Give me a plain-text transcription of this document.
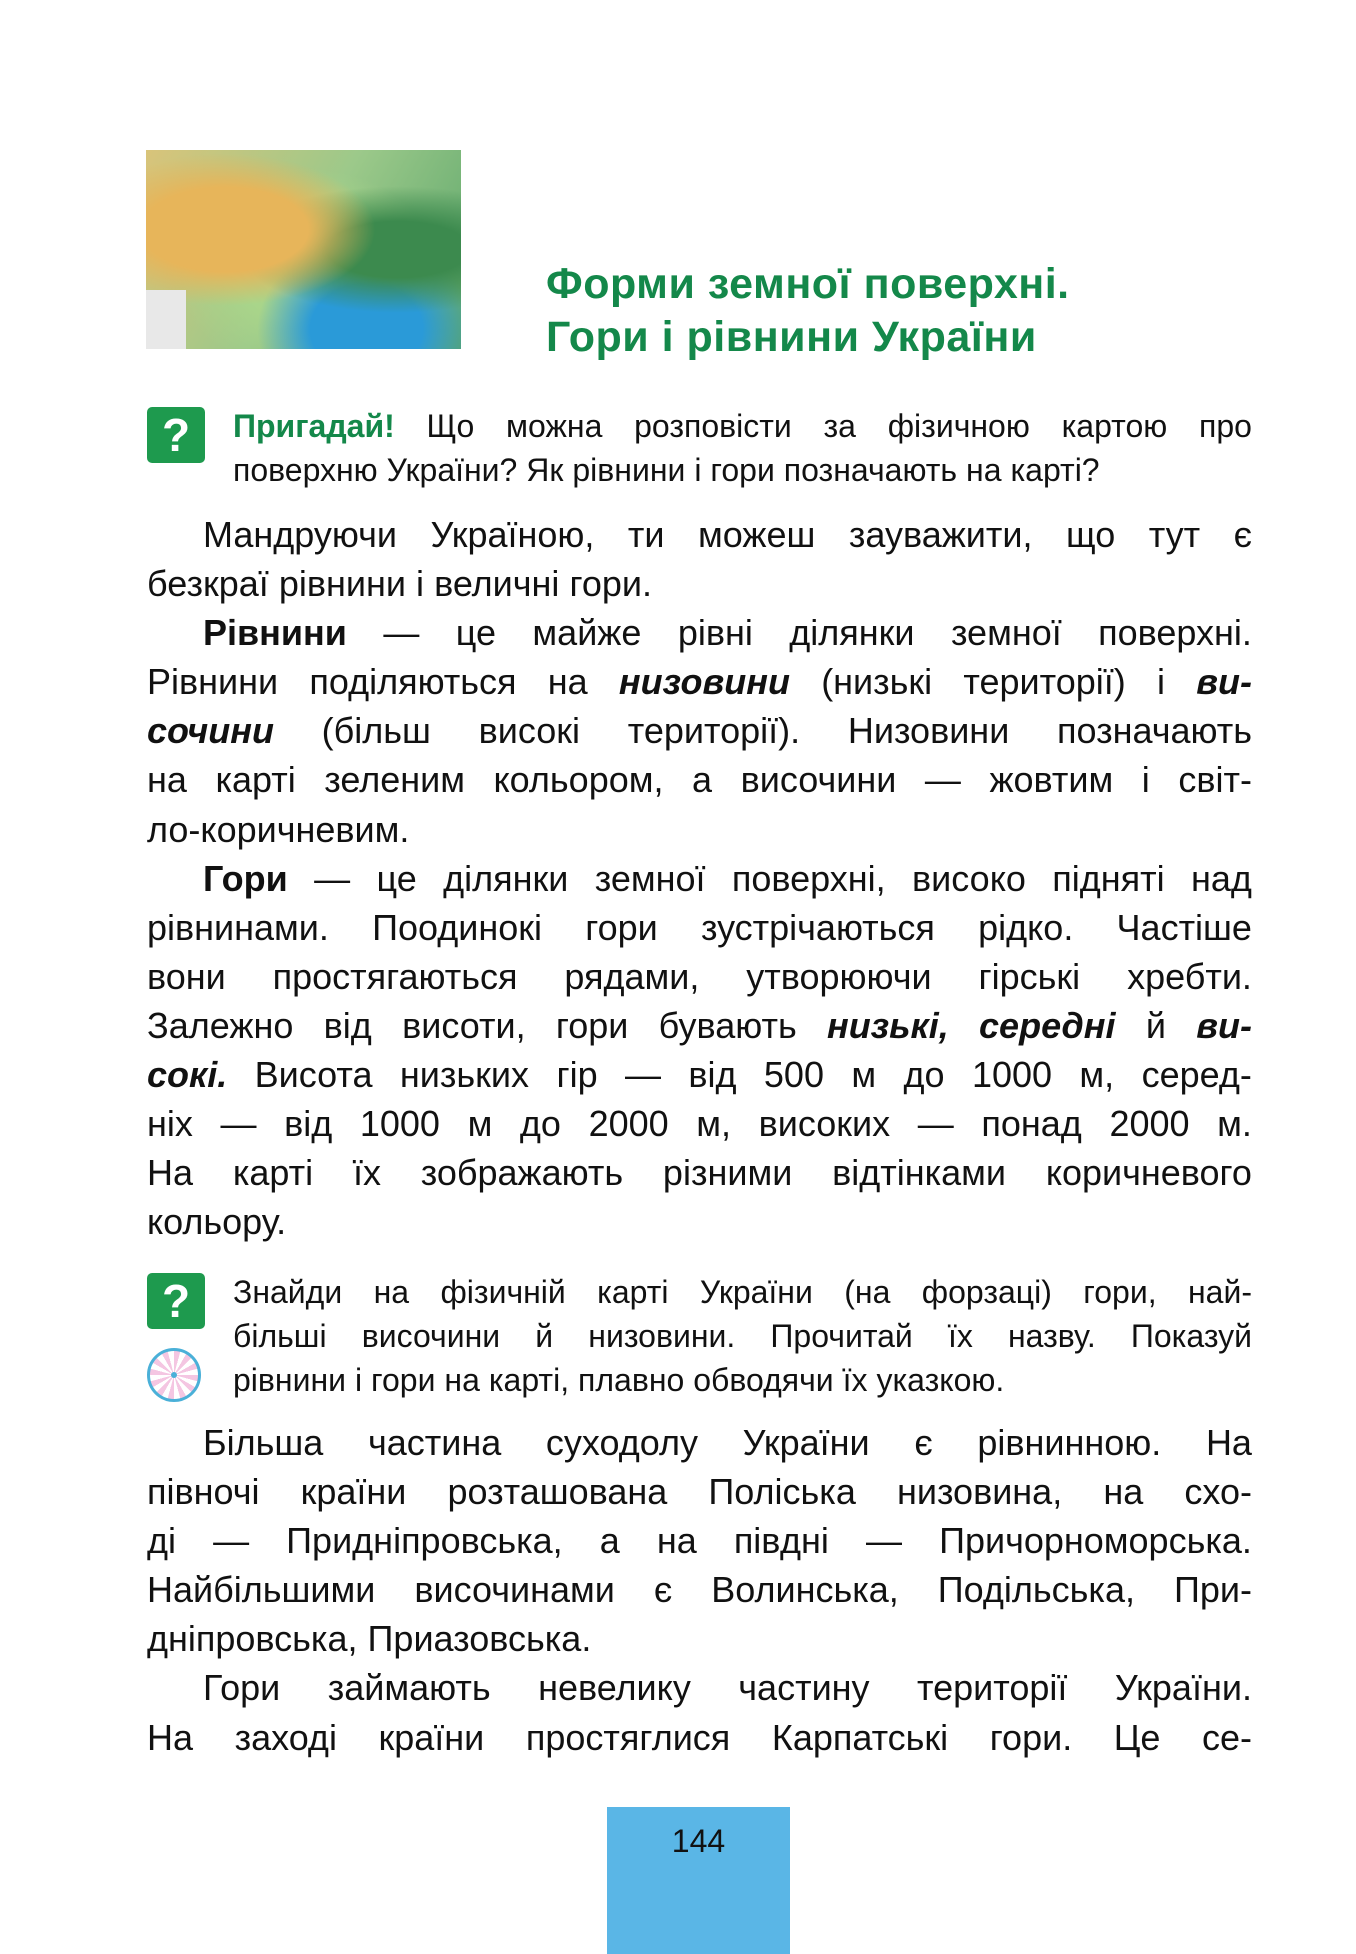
Форми земної поверхні.
Гори і рівнини України
?	Пригадай! Що можна розповісти за фізичною картою про
поверхню України? Як рівнини і гори позначають на карті?
Мандруючи Україною, ти можеш зауважити, що тут є
безкраї рівнини і величні гори.
Рівнини — це майже рівні ділянки земної поверхні.
Рівнини поділяються на низовини (низькі території) і ви-
сочини (більш високі території). Низовини позначають
на карті зеленим кольором, а височини — жовтим і світ-
ло-коричневим.
Гори — це ділянки земної поверхні, високо підняті над
рівнинами. Поодинокі гори зустрічаються рідко. Частіше
вони простягаються рядами, утворюючи гірські хребти.
Залежно від висоти, гори бувають низькі, середні й ви-
сокі. Висота низьких гір — від 500 м до 1000 м, серед-
ніх — від 1000 м до 2000 м, високих — понад 2000 м.
На карті їх зображають різними відтінками коричневого
кольору.
?	Знайди на фізичній карті України (на форзаці) гори, най-
більші височини й низовини. Прочитай їх назву. Показуй
рівнини і гори на карті, плавно обводячи їх указкою.
Більша частина суходолу України є рівнинною. На
півночі країни розташована Поліська низовина, на схо-
ді — Придніпровська, а на півдні — Причорноморська.
Найбільшими височинами є Волинська, Подільська, При-
дніпровська, Приазовська.
Гори займають невелику частину території України.
На заході країни простяглися Карпатські гори. Це се-
144
